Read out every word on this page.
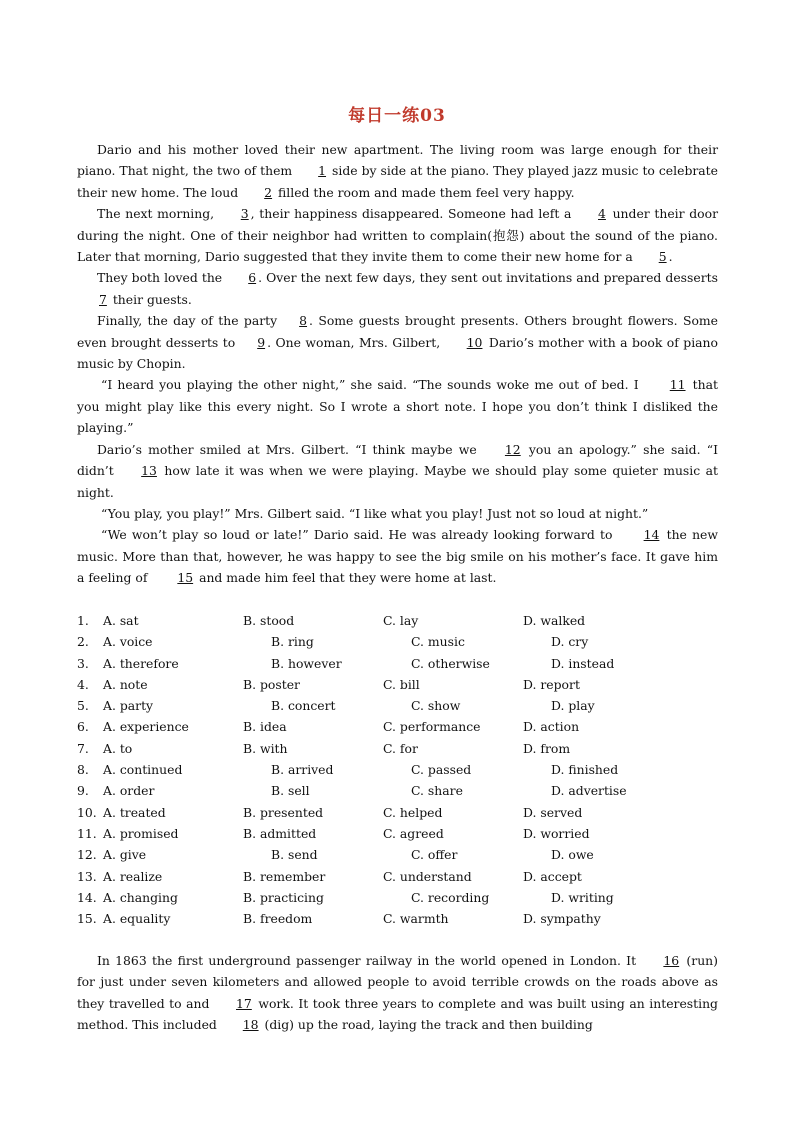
每日一练03

Dario and his mother loved their new apartment. The living room was large enough for their piano. That night, the two of them 1 side by side at the piano. They played jazz music to celebrate their new home. The loud 2 filled the room and made them feel very happy.

The next morning, 3 , their happiness disappeared. Someone had left a 4 under their door during the night. One of their neighbor had written to complain(抱怨) about the sound of the piano. Later that morning, Dario suggested that they invite them to come their new home for a 5 .

They both loved the 6 . Over the next few days, they sent out invitations and prepared desserts 7 their guests.

Finally, the day of the party 8 . Some guests brought presents. Others brought flowers. Some even brought desserts to 9 . One woman, Mrs. Gilbert, 10 Dario’s mother with a book of piano music by Chopin.

“I heard you playing the other night,” she said. “The sounds woke me out of bed. I 11 that you might play like this every night. So I wrote a short note. I hope you don’t think I disliked the playing.”

Dario’s mother smiled at Mrs. Gilbert. “I think maybe we 12 you an apology.” she said. “I didn’t 13 how late it was when we were playing. Maybe we should play some quieter music at night.

“You play, you play!” Mrs. Gilbert said. “I like what you play! Just not so loud at night.”

“We won’t play so loud or late!” Dario said. He was already looking forward to 14 the new music. More than that, however, he was happy to see the big smile on his mother’s face. It gave him a feeling of 15 and made him feel that they were home at last.

1. A. sat	B. stood	C. lay	D. walked
2. A. voice	B. ring	C. music	D. cry
3. A. therefore	B. however	C. otherwise	D. instead
4. A. note	B. poster	C. bill	D. report
5. A. party	B. concert	C. show	D. play
6. A. experience	B. idea	C. performance	D. action
7. A. to	B. with	C. for	D. from
8. A. continued	B. arrived	C. passed	D. finished
9. A. order	B. sell	C. share	D. advertise
10. A. treated	B. presented	C. helped	D. served
11. A. promised	B. admitted	C. agreed	D. worried
12. A. give	B. send	C. offer	D. owe
13. A. realize	B. remember	C. understand	D. accept
14. A. changing	B. practicing	C. recording	D. writing
15. A. equality	B. freedom	C. warmth	D. sympathy

In 1863 the first underground passenger railway in the world opened in London. It 16 (run) for just under seven kilometers and allowed people to avoid terrible crowds on the roads above as they travelled to and 17 work. It took three years to complete and was built using an interesting method. This included 18 (dig) up the road, laying the track and then building
